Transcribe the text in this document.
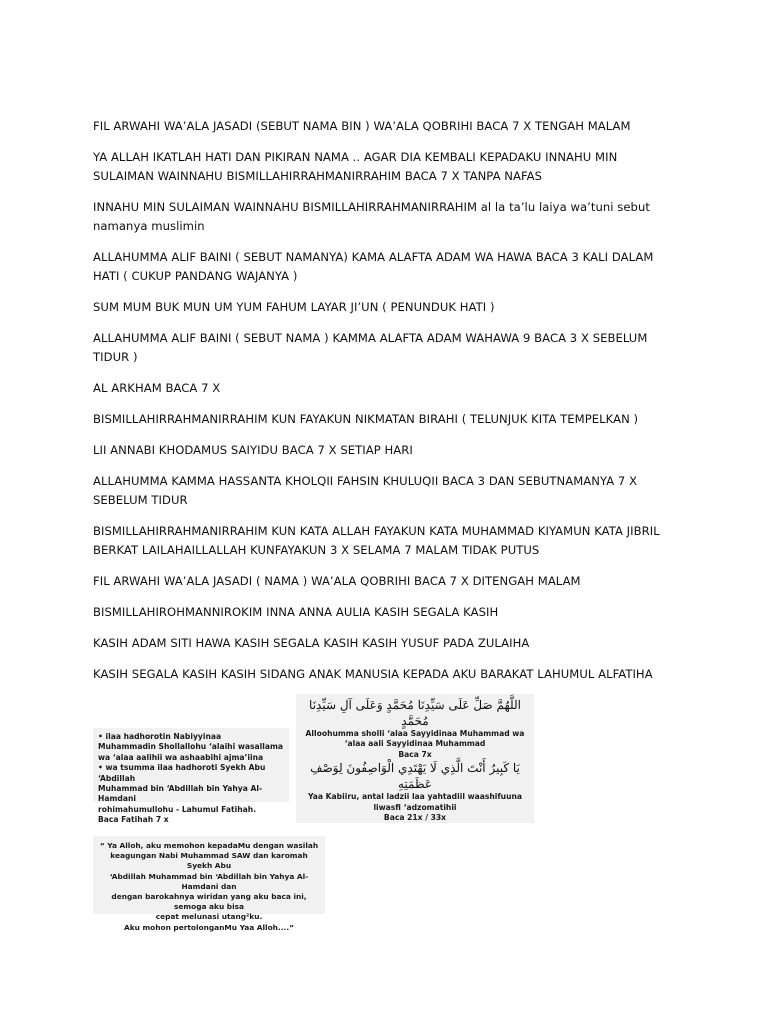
FIL ARWAHI WA’ALA JASADI (SEBUT NAMA BIN ) WA’ALA QOBRIHI BACA 7 X TENGAH MALAM

YA ALLAH IKATLAH HATI DAN PIKIRAN NAMA .. AGAR DIA KEMBALI KEPADAKU INNAHU MIN SULAIMAN WAINNAHU BISMILLAHIRRAHMANIRRAHIM BACA 7 X TANPA NAFAS

INNAHU MIN SULAIMAN WAINNAHU BISMILLAHIRRAHMANIRRAHIM al la ta’lu laiya wa’tuni sebut namanya muslimin

ALLAHUMMA ALIF BAINI ( SEBUT NAMANYA) KAMA ALAFTA ADAM WA HAWA BACA 3 KALI DALAM HATI ( CUKUP PANDANG WAJANYA )

SUM MUM BUK MUN UM YUM FAHUM LAYAR JI’UN ( PENUNDUK HATI )

ALLAHUMMA ALIF BAINI ( SEBUT NAMA ) KAMMA ALAFTA ADAM WAHAWA 9 BACA 3 X SEBELUM TIDUR )

AL ARKHAM BACA 7 X

BISMILLAHIRRAHMANIRRAHIM KUN FAYAKUN NIKMATAN BIRAHI ( TELUNJUK KITA TEMPELKAN )

LII ANNABI KHODAMUS SAIYIDU BACA 7 X SETIAP HARI

ALLAHUMMA KAMMA HASSANTA KHOLQII FAHSIN KHULUQII BACA 3 DAN SEBUTNAMANYA 7 X SEBELUM TIDUR

BISMILLAHIRRAHMANIRRAHIM KUN KATA ALLAH FAYAKUN KATA MUHAMMAD KIYAMUN KATA JIBRIL BERKAT LAILAHAILLALLAH KUNFAYAKUN 3 X SELAMA 7 MALAM TIDAK PUTUS

FIL ARWAHI WA’ALA JASADI ( NAMA ) WA’ALA QOBRIHI BACA 7 X DITENGAH MALAM

BISMILLAHIROHMANNIROKIM INNA ANNA AULIA KASIH SEGALA KASIH

KASIH ADAM SITI HAWA KASIH SEGALA KASIH KASIH YUSUF PADA ZULAIHA

KASIH SEGALA KASIH KASIH SIDANG ANAK MANUSIA KEPADA AKU BARAKAT LAHUMUL ALFATIHA

• ilaa hadhorotin Nabiyyinaa
Muhammadin Shollallohu ‘alaihi wasallama
wa ‘alaa aalihii wa ashaabihi ajma’iina
• wa tsumma ilaa hadhoroti Syekh Abu ‘Abdillah
Muhammad bin ‘Abdillah bin Yahya Al-Hamdani
rohimahumullohu - Lahumul Fatihah.
Baca Fatihah 7 x
اللَّهُمَّ صَلِّ عَلَى سَيِّدِنَا مُحَمَّدٍ وَعَلَى آلِ سَيِّدِنَا مُحَمَّدٍ
Alloohumma sholli ‘alaa Sayyidinaa Muhammad wa ‘alaa aali Sayyidinaa Muhammad
Baca 7x
يَا كَبِيرُ أَنْتَ الَّذِي لَا يَهْتَدِي الْوَاصِفُونَ لِوَصْفِ عَظَمَتِهِ
Yaa Kabiiru, antal ladzii laa yahtadiil waashifuuna liwasfi ‘adzomatihii
Baca 21x / 33x
“ Ya Alloh, aku memohon kepadaMu dengan wasilah
keagungan Nabi Muhammad SAW dan karomah Syekh Abu
‘Abdillah Muhammad bin ‘Abdillah bin Yahya Al-Hamdani dan
dengan barokahnya wiridan yang aku baca ini, semoga aku bisa
cepat melunasi utang²ku.
Aku mohon pertolonganMu Yaa Alloh....”
